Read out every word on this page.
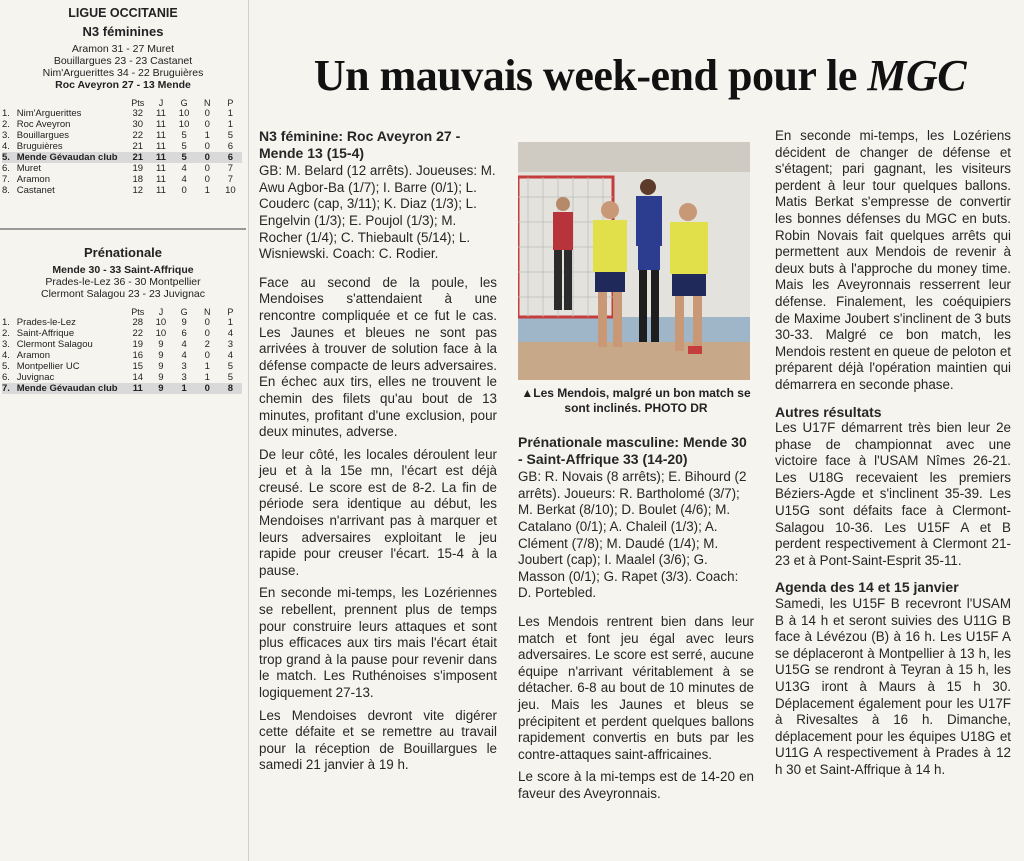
LIGUE OCCITANIE
N3 féminines
Aramon 31 - 27 Muret
Bouillargues 23 - 23 Castanet
Nim'Arguerittes 34 - 22 Bruguières
Roc Aveyron 27 - 13 Mende
		Pts	J	G	N	P
1.	Nim'Arguerittes	32	11	10	0	1
2.	Roc Aveyron	30	11	10	0	1
3.	Bouillargues	22	11	5	1	5
4.	Bruguières	21	11	5	0	6
5.	Mende Gévaudan club	21	11	5	0	6
6.	Muret	19	11	4	0	7
7.	Aramon	18	11	4	0	7
8.	Castanet	12	11	0	1	10
Prénationale
Mende 30 - 33 Saint-Affrique
Prades-le-Lez 36 - 30 Montpellier
Clermont Salagou 23 - 23 Juvignac
		Pts	J	G	N	P
1.	Prades-le-Lez	28	10	9	0	1
2.	Saint-Affrique	22	10	6	0	4
3.	Clermont Salagou	19	9	4	2	3
4.	Aramon	16	9	4	0	4
5.	Montpellier UC	15	9	3	1	5
6.	Juvignac	14	9	3	1	5
7.	Mende Gévaudan club	11	9	1	0	8
Un mauvais week-end pour le MGC

N3 féminine: Roc Aveyron 27 - Mende 13 (15-4)

GB: M. Belard (12 arrêts). Joueuses: M. Awu Agbor-Ba (1/7); I. Barre (0/1); L. Couderc (cap, 3/11); K. Diaz (1/3); L. Engelvin (1/3); E. Poujol (1/3); M. Rocher (1/4); C. Thiebault (5/14); L. Wisniewski. Coach: C. Rodier.

Face au second de la poule, les Mendoises s'attendaient à une rencontre compliquée et ce fut le cas. Les Jaunes et bleues ne sont pas arrivées à trouver de solution face à la défense compacte de leurs adversaires. En échec aux tirs, elles ne trouvent le chemin des filets qu'au bout de 13 minutes, profitant d'une exclusion, pour deux minutes, adverse.

De leur côté, les locales déroulent leur jeu et à la 15e mn, l'écart est déjà creusé. Le score est de 8-2. La fin de période sera identique au début, les Mendoises n'arrivant pas à marquer et leurs adversaires exploitant le jeu rapide pour creuser l'écart. 15-4 à la pause.

En seconde mi-temps, les Lozériennes se rebellent, prennent plus de temps pour construire leurs attaques et sont plus efficaces aux tirs mais l'écart était trop grand à la pause pour revenir dans le match. Les Ruthénoises s'imposent logiquement 27-13.

Les Mendoises devront vite digérer cette défaite et se remettre au travail pour la réception de Bouillargues le samedi 21 janvier à 19 h.

▲Les Mendois, malgré un bon match se sont inclinés. PHOTO DR

Prénationale masculine: Mende 30 - Saint-Affrique 33 (14-20)

GB: R. Novais (8 arrêts); E. Bihourd (2 arrêts). Joueurs: R. Bartholomé (3/7); M. Berkat (8/10); D. Boulet (4/6); M. Catalano (0/1); A. Chaleil (1/3); A. Clément (7/8); M. Daudé (1/4); M. Joubert (cap); I. Maalel (3/6); G. Masson (0/1); G. Rapet (3/3). Coach: D. Portebled.

Les Mendois rentrent bien dans leur match et font jeu égal avec leurs adversaires. Le score est serré, aucune équipe n'arrivant véritablement à se détacher. 6-8 au bout de 10 minutes de jeu. Mais les Jaunes et bleus se précipitent et perdent quelques ballons rapidement convertis en buts par les contre-attaques saint-affricaines.

Le score à la mi-temps est de 14-20 en faveur des Aveyronnais.

En seconde mi-temps, les Lozériens décident de changer de défense et s'étagent; pari gagnant, les visiteurs perdent à leur tour quelques ballons. Matis Berkat s'empresse de convertir les bonnes défenses du MGC en buts. Robin Novais fait quelques arrêts qui permettent aux Mendois de revenir à deux buts à l'approche du money time. Mais les Aveyronnais resserrent leur défense. Finalement, les coéquipiers de Maxime Joubert s'inclinent de 3 buts 30-33. Malgré ce bon match, les Mendois restent en queue de peloton et préparent déjà l'opération maintien qui démarrera en seconde phase.

Autres résultats

Les U17F démarrent très bien leur 2e phase de championnat avec une victoire face à l'USAM Nîmes 26-21. Les U18G recevaient les premiers Béziers-Agde et s'inclinent 35-39. Les U15G sont défaits face à Clermont-Salagou 10-36. Les U15F A et B perdent respectivement à Clermont 21-23 et à Pont-Saint-Esprit 35-11.

Agenda des 14 et 15 janvier

Samedi, les U15F B recevront l'USAM B à 14 h et seront suivies des U11G B face à Lévézou (B) à 16 h. Les U15F A se déplaceront à Montpellier à 13 h, les U15G se rendront à Teyran à 15 h, les U13G iront à Maurs à 15 h 30. Déplacement également pour les U17F à Rivesaltes à 16 h. Dimanche, déplacement pour les équipes U18G et U11G A respectivement à Prades à 12 h 30 et Saint-Affrique à 14 h.
